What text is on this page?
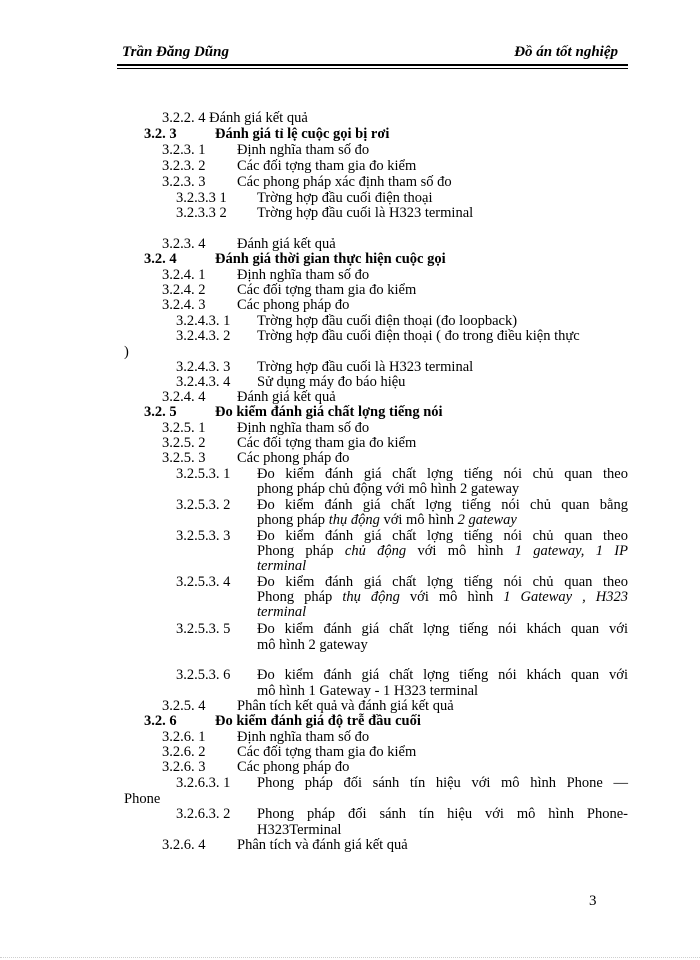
Trần Đăng Dũng	Đồ án tốt nghiệp
3.2.2. 4 Đánh giá kết quả
3.2. 3	Đánh giá tỉ lệ cuộc gọi bị rơi
3.2.3. 1 Định nghĩa tham số đo
3.2.3. 2 Các đối tợng tham gia đo kiểm
3.2.3. 3 Các phong pháp xác định tham số đo
3.2.3.3 1 Trờng hợp đầu cuối điện thoại
3.2.3.3 2 Trờng hợp đầu cuối là H323 terminal
3.2.3. 4 Đánh giá kết quả
3.2. 4	Đánh giá thời gian thực hiện cuộc gọi
3.2.4. 1 Định nghĩa tham số đo
3.2.4. 2 Các đối tợng tham gia đo kiểm
3.2.4. 3 Các phong pháp đo
3.2.4.3. 1 Trờng hợp đầu cuối điện thoại (đo loopback)
3.2.4.3. 2 Trờng hợp đầu cuối điện thoại ( đo trong điều kiện thực
)
3.2.4.3. 3 Trờng hợp đầu cuối là H323 terminal
3.2.4.3. 4 Sử dụng máy đo báo hiệu
3.2.4. 4 Đánh giá kết quả
3.2. 5	Đo kiểm đánh giá chất lợng tiếng nói
3.2.5. 1 Định nghĩa tham số đo
3.2.5. 2 Các đối tợng tham gia đo kiểm
3.2.5. 3 Các phong pháp đo
3.2.5.3. 1 Đo kiểm đánh giá chất lợng tiếng nói chủ quan theo
phong pháp chủ động với mô hình 2 gateway
3.2.5.3. 2 Đo kiểm đánh giá chất lợng tiếng nói chủ quan bằng
phong pháp thụ động với mô hình 2 gateway
3.2.5.3. 3 Đo kiểm đánh giá chất lợng tiếng nói chủ quan theo
Phong pháp chủ động với mô hình 1 gateway, 1 IP
terminal
3.2.5.3. 4 Đo kiểm đánh giá chất lợng tiếng nói chủ quan theo
Phong pháp thụ động với mô hình 1 Gateway , H323
terminal
3.2.5.3. 5 Đo kiểm đánh giá chất lợng tiếng nói khách quan với
mô hình 2 gateway
3.2.5.3. 6 Đo kiểm đánh giá chất lợng tiếng nói khách quan với
mô hình 1 Gateway - 1 H323 terminal
3.2.5. 4 Phân tích kết quả và đánh giá kết quả
3.2. 6	Đo kiểm đánh giá độ trễ đầu cuối
3.2.6. 1 Định nghĩa tham số đo
3.2.6. 2 Các đối tợng tham gia đo kiểm
3.2.6. 3 Các phong pháp đo
3.2.6.3. 1 Phong pháp đối sánh tín hiệu với mô hình Phone —
Phone
3.2.6.3. 2 Phong pháp đối sánh tín hiệu với mô hình Phone-
H323Terminal
3.2.6. 4 Phân tích và đánh giá kết quả
3
